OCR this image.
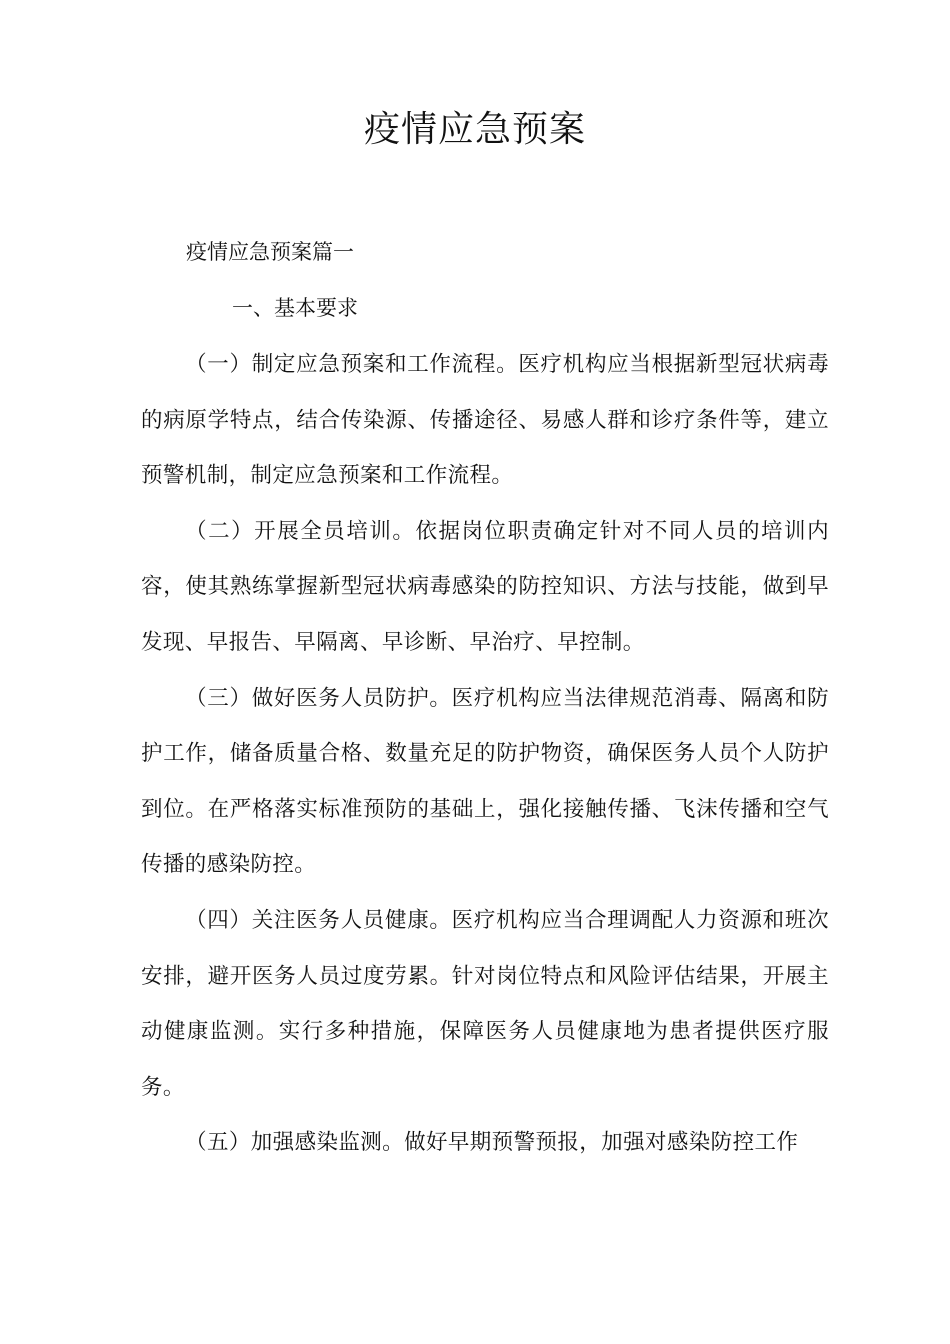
疫情应急预案
疫情应急预案篇一
一、基本要求

（一）制定应急预案和工作流程。医疗机构应当根据新型冠状病毒的病原学特点，结合传染源、传播途径、易感人群和诊疗条件等，建立预警机制，制定应急预案和工作流程。

（二）开展全员培训。依据岗位职责确定针对不同人员的培训内容，使其熟练掌握新型冠状病毒感染的防控知识、方法与技能，做到早发现、早报告、早隔离、早诊断、早治疗、早控制。

（三）做好医务人员防护。医疗机构应当法律规范消毒、隔离和防护工作，储备质量合格、数量充足的防护物资，确保医务人员个人防护到位。在严格落实标准预防的基础上，强化接触传播、飞沫传播和空气传播的感染防控。

（四）关注医务人员健康。医疗机构应当合理调配人力资源和班次安排，避开医务人员过度劳累。针对岗位特点和风险评估结果，开展主动健康监测。实行多种措施，保障医务人员健康地为患者提供医疗服务。

（五）加强感染监测。做好早期预警预报，加强对感染防控工作
